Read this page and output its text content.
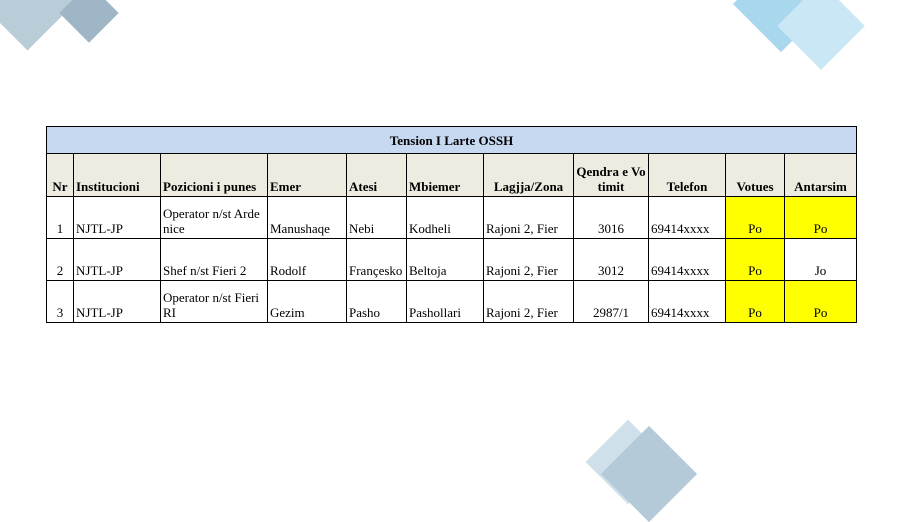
Tension I Larte OSSH										
Nr	Institucioni	Pozicioni i punes	Emer	Atesi	Mbiemer	Lagjja/Zona	Qendra e Votimit	Telefon	Votues	Antarsim
1	NJTL-JP	Operator n/st Ardenice	Manushaqe	Nebi	Kodheli	Rajoni 2, Fier	3016	69414xxxx	Po	Po
2	NJTL-JP	Shef n/st Fieri 2	Rodolf	Françesko	Beltoja	Rajoni 2, Fier	3012	69414xxxx	Po	Jo
3	NJTL-JP	Operator n/st Fieri RI	Gezim	Pasho	Pashollari	Rajoni 2, Fier	2987/1	69414xxxx	Po	Po
